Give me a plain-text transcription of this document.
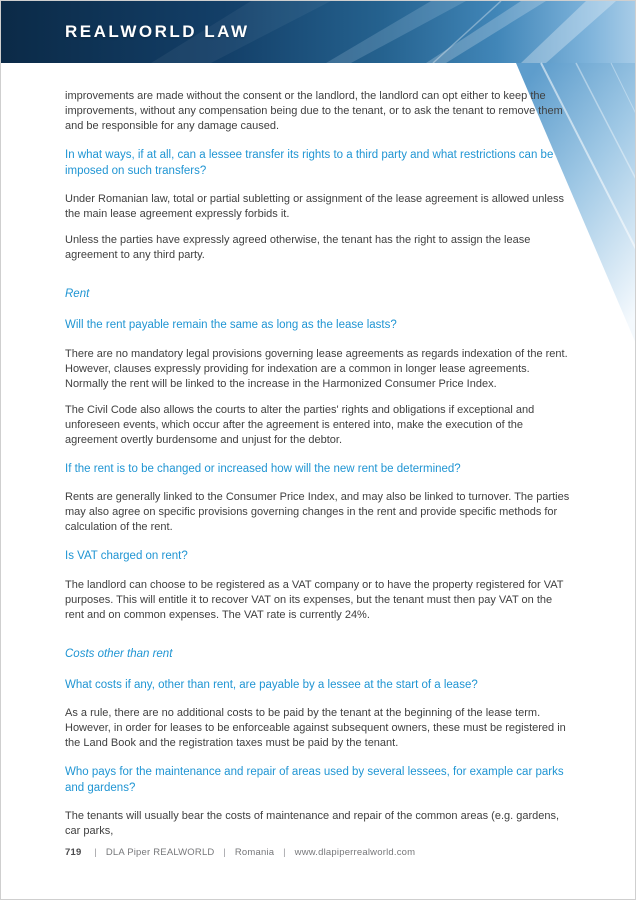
REALWORLD LAW

improvements are made without the consent or the landlord, the landlord can opt either to keep the improvements, without any compensation being due to the tenant, or to ask the tenant to remove them and be responsible for any damage caused.

In what ways, if at all, can a lessee transfer its rights to a third party and what restrictions can be imposed on such transfers?

Under Romanian law, total or partial subletting or assignment of the lease agreement is allowed unless the main lease agreement expressly forbids it.

Unless the parties have expressly agreed otherwise, the tenant has the right to assign the lease agreement to any third party.

Rent

Will the rent payable remain the same as long as the lease lasts?

There are no mandatory legal provisions governing lease agreements as regards indexation of the rent. However, clauses expressly providing for indexation are a common in longer lease agreements. Normally the rent will be linked to the increase in the Harmonized Consumer Price Index.

The Civil Code also allows the courts to alter the parties' rights and obligations if exceptional and unforeseen events, which occur after the agreement is entered into, make the execution of the agreement overtly burdensome and unjust for the debtor.

If the rent is to be changed or increased how will the new rent be determined?

Rents are generally linked to the Consumer Price Index, and may also be linked to turnover. The parties may also agree on specific provisions governing changes in the rent and provide specific methods for calculation of the rent.

Is VAT charged on rent?

The landlord can choose to be registered as a VAT company or to have the property registered for VAT purposes. This will entitle it to recover VAT on its expenses, but the tenant must then pay VAT on the rent and on common expenses. The VAT rate is currently 24%.

Costs other than rent

What costs if any, other than rent, are payable by a lessee at the start of a lease?

As a rule, there are no additional costs to be paid by the tenant at the beginning of the lease term. However, in order for leases to be enforceable against subsequent owners, these must be registered in the Land Book and the registration taxes must be paid by the tenant.

Who pays for the maintenance and repair of areas used by several lessees, for example car parks and gardens?

The tenants will usually bear the costs of maintenance and repair of the common areas (e.g. gardens, car parks,

719 | DLA Piper REALWORLD | Romania | www.dlapiperrealworld.com
